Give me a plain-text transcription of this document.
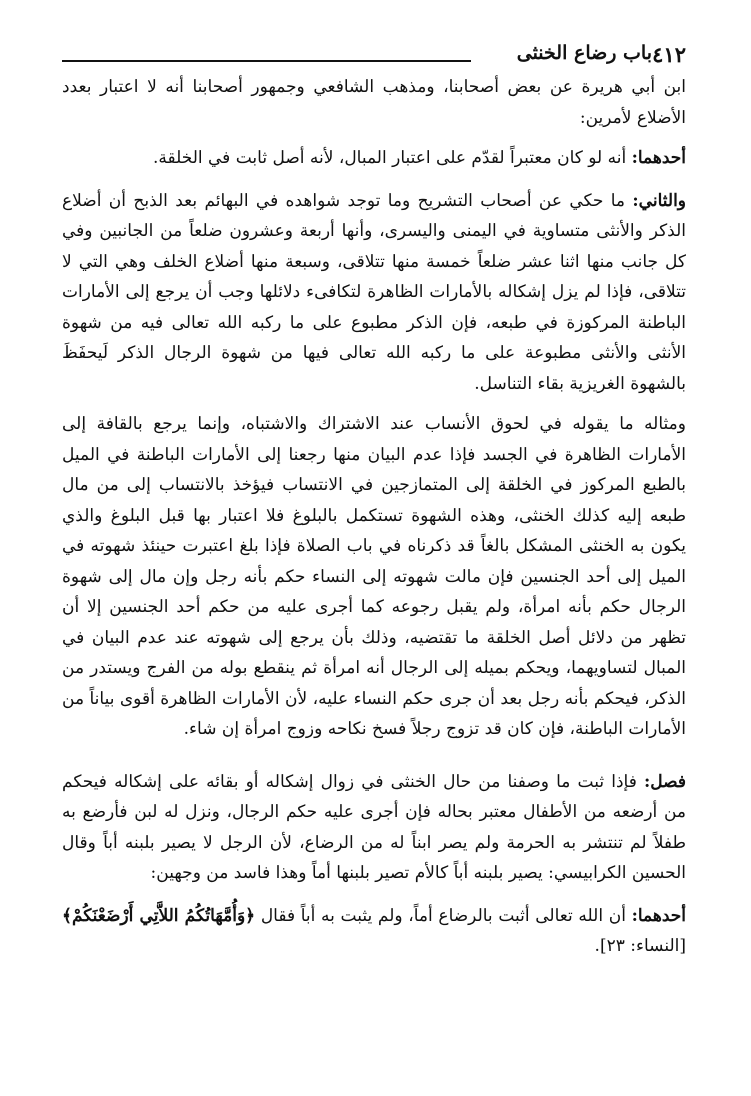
٤١٢
باب رضاع الخنثى

ابن أبي هريرة عن بعض أصحابنا، ومذهب الشافعي وجمهور أصحابنا أنه لا اعتبار بعدد الأضلاع لأمرين:

أحدهما: أنه لو كان معتبراً لقدّم على اعتبار المبال، لأنه أصل ثابت في الخلقة.

والثاني: ما حكي عن أصحاب التشريح وما توجد شواهده في البهائم بعد الذبح أن أضلاع الذكر والأنثى متساوية في اليمنى واليسرى، وأنها أربعة وعشرون ضلعاً من الجانبين وفي كل جانب منها اثنا عشر ضلعاً خمسة منها تتلاقى، وسبعة منها أضلاع الخلف وهي التي لا تتلاقى، فإذا لم يزل إشكاله بالأمارات الظاهرة لتكافىء دلائلها وجب أن يرجع إلى الأمارات الباطنة المركوزة في طبعه، فإن الذكر مطبوع على ما ركبه الله تعالى فيه من شهوة الأنثى والأنثى مطبوعة على ما ركبه الله تعالى فيها من شهوة الرجال الذكر لَيحفَظَ بالشهوة الغريزية بقاء التناسل.

ومثاله ما يقوله في لحوق الأنساب عند الاشتراك والاشتباه، وإنما يرجع بالقافة إلى الأمارات الظاهرة في الجسد فإذا عدم البيان منها رجعنا إلى الأمارات الباطنة في الميل بالطبع المركوز في الخلقة إلى المتمازجين في الانتساب فيؤخذ بالانتساب إلى من مال طبعه إليه كذلك الخنثى، وهذه الشهوة تستكمل بالبلوغ فلا اعتبار بها قبل البلوغ والذي يكون به الخنثى المشكل بالغاً قد ذكرناه في باب الصلاة فإذا بلغ اعتبرت حينئذ شهوته في الميل إلى أحد الجنسين فإن مالت شهوته إلى النساء حكم بأنه رجل وإن مال إلى شهوة الرجال حكم بأنه امرأة، ولم يقبل رجوعه كما أجرى عليه من حكم أحد الجنسين إلا أن تظهر من دلائل أصل الخلقة ما تقتضيه، وذلك بأن يرجع إلى شهوته عند عدم البيان في المبال لتساويهما، ويحكم بميله إلى الرجال أنه امرأة ثم ينقطع بوله من الفرج ويستدر من الذكر، فيحكم بأنه رجل بعد أن جرى حكم النساء عليه، لأن الأمارات الظاهرة أقوى بياناً من الأمارات الباطنة، فإن كان قد تزوج رجلاً فسخ نكاحه وزوج امرأة إن شاء.

فصل: فإذا ثبت ما وصفنا من حال الخنثى في زوال إشكاله أو بقائه على إشكاله فيحكم من أرضعه من الأطفال معتبر بحاله فإن أجرى عليه حكم الرجال، ونزل له لبن فأرضع به طفلاً لم تنتشر به الحرمة ولم يصر ابناً له من الرضاع، لأن الرجل لا يصير بلبنه أباً وقال الحسين الكرابيسي: يصير بلبنه أباً كالأم تصير بلبنها أماً وهذا فاسد من وجهين:

أحدهما: أن الله تعالى أثبت بالرضاع أماً، ولم يثبت به أباً فقال ﴿وَأُمَّهَاتُكُمُ اللاَّتِي أَرْضَعْنَكُمْ﴾ [النساء: ٢٣].
